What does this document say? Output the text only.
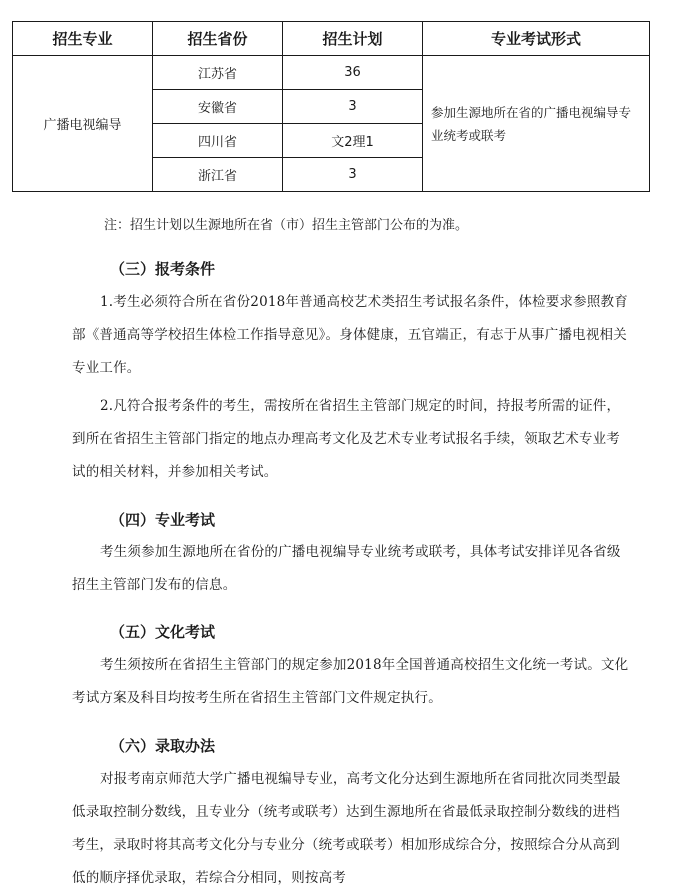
招生专业	招生省份	招生计划	专业考试形式
广播电视编导	江苏省	36	参加生源地所在省的广播电视编导专业统考或联考
	安徽省	3	
	四川省	文2理1	
	浙江省	3	
注：招生计划以生源地所在省（市）招生主管部门公布的为准。
（三）报考条件
1.考生必须符合所在省份2018年普通高校艺术类招生考试报名条件，体检要求参照教育部《普通高等学校招生体检工作指导意见》。身体健康，五官端正，有志于从事广播电视相关专业工作。
2.凡符合报考条件的考生，需按所在省招生主管部门规定的时间，持报考所需的证件，到所在省招生主管部门指定的地点办理高考文化及艺术专业考试报名手续，领取艺术专业考试的相关材料，并参加相关考试。
（四）专业考试
考生须参加生源地所在省份的广播电视编导专业统考或联考，具体考试安排详见各省级招生主管部门发布的信息。
（五）文化考试
考生须按所在省招生主管部门的规定参加2018年全国普通高校招生文化统一考试。文化考试方案及科目均按考生所在省招生主管部门文件规定执行。
（六）录取办法
对报考南京师范大学广播电视编导专业，高考文化分达到生源地所在省同批次同类型最低录取控制分数线，且专业分（统考或联考）达到生源地所在省最低录取控制分数线的进档考生，录取时将其高考文化分与专业分（统考或联考）相加形成综合分，按照综合分从高到低的顺序择优录取，若综合分相同，则按高考
